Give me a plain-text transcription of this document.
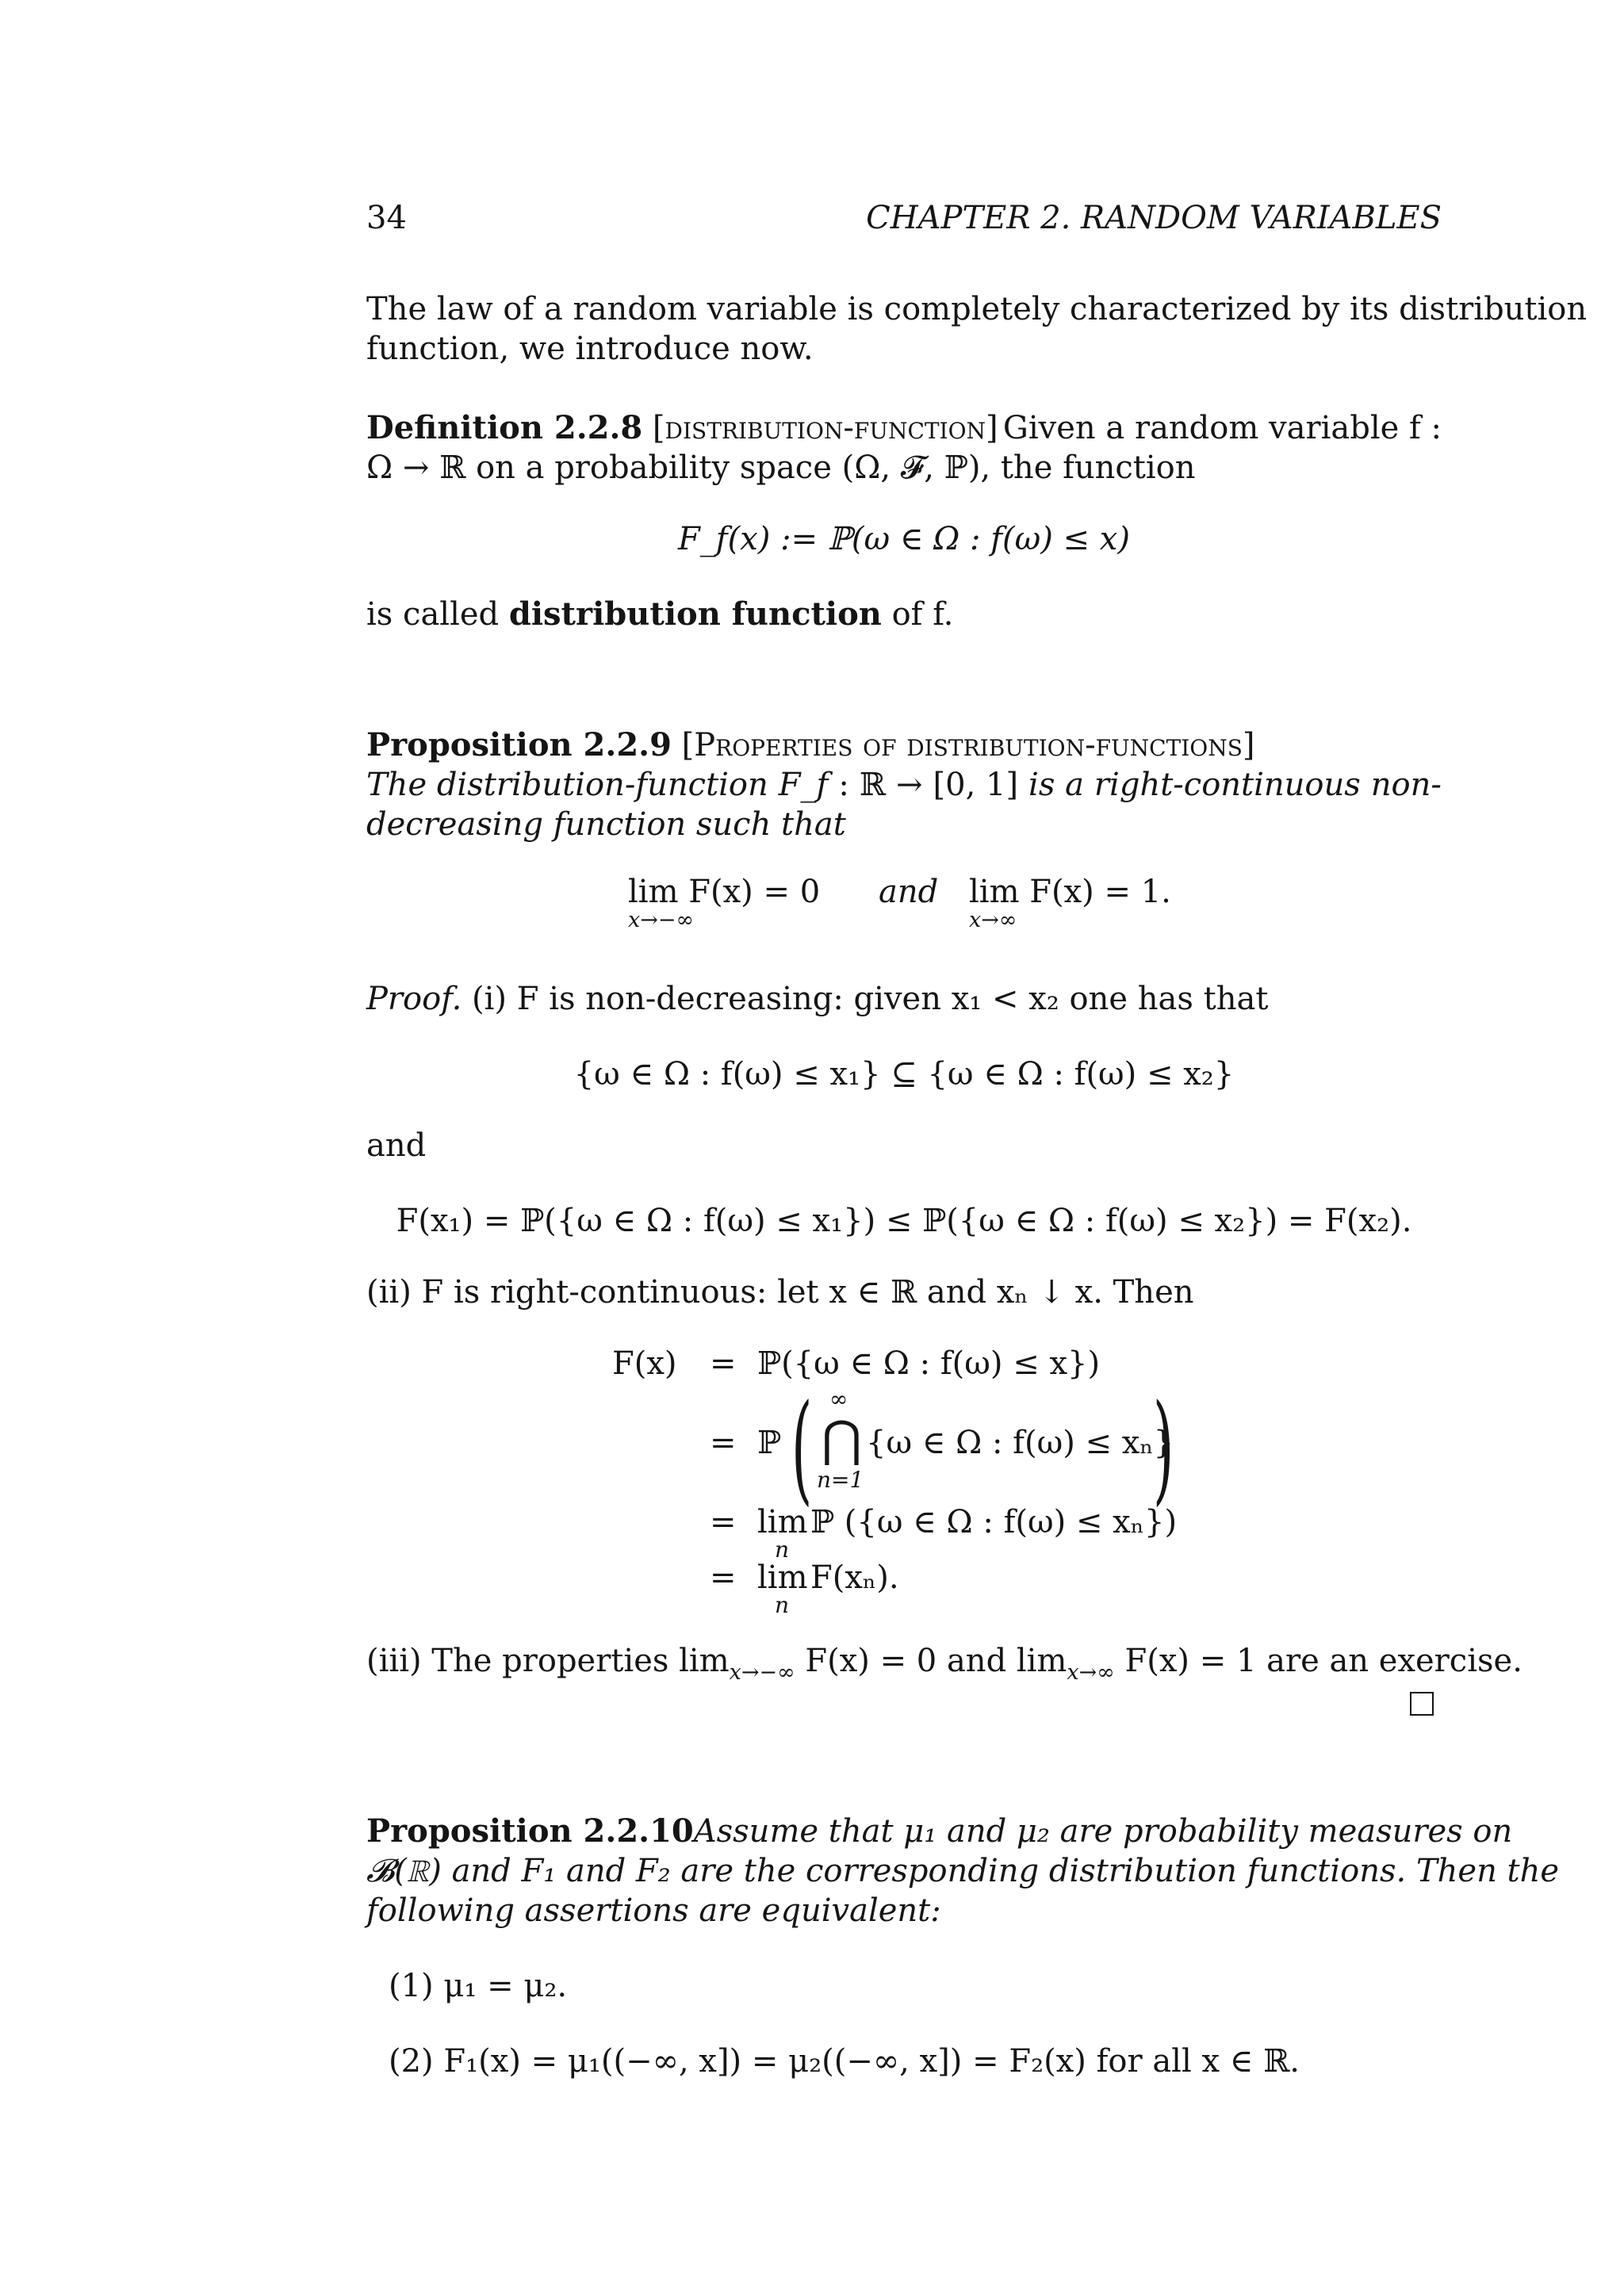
34	CHAPTER 2. RANDOM VARIABLES
The law of a random variable is completely characterized by its distribution
function, we introduce now.
Definition 2.2.8 [distribution-function] Given a random variable f :
Ω → ℝ on a probability space (Ω, 𝓕, ℙ), the function
F_f(x) := ℙ(ω ∈ Ω : f(ω) ≤ x)
is called distribution function of f.
Proposition 2.2.9 [Properties of distribution-functions]
The distribution-function F_f : ℝ → [0, 1] is a right-continuous non-
decreasing function such that
lim F(x) = 0
x→−∞
and lim F(x) = 1.
x→∞
Proof. (i) F is non-decreasing: given x₁ < x₂ one has that
{ω ∈ Ω : f(ω) ≤ x₁} ⊆ {ω ∈ Ω : f(ω) ≤ x₂}
and
F(x₁) = ℙ({ω ∈ Ω : f(ω) ≤ x₁}) ≤ ℙ({ω ∈ Ω : f(ω) ≤ x₂}) = F(x₂).
(ii) F is right-continuous: let x ∈ ℝ and xₙ ↓ x. Then
F(x) = ℙ({ω ∈ Ω : f(ω) ≤ x})
= ℙ ( ∞
⋂
n=1
{ω ∈ Ω : f(ω) ≤ xₙ}
)
= lim
n
ℙ ({ω ∈ Ω : f(ω) ≤ xₙ})
= lim
n
F(xₙ).
(iii) The properties $\lim_{x\to-\infty} F(x) = 0$ and $\lim_{x\to\infty} F(x) = 1$ are an exercise.
Proposition 2.2.10 Assume that μ₁ and μ₂ are probability measures on
𝓑(ℝ) and F₁ and F₂ are the corresponding distribution functions. Then the
following assertions are equivalent:
(1) μ₁ = μ₂.
(2) F₁(x) = μ₁((−∞, x]) = μ₂((−∞, x]) = F₂(x) for all x ∈ ℝ.
